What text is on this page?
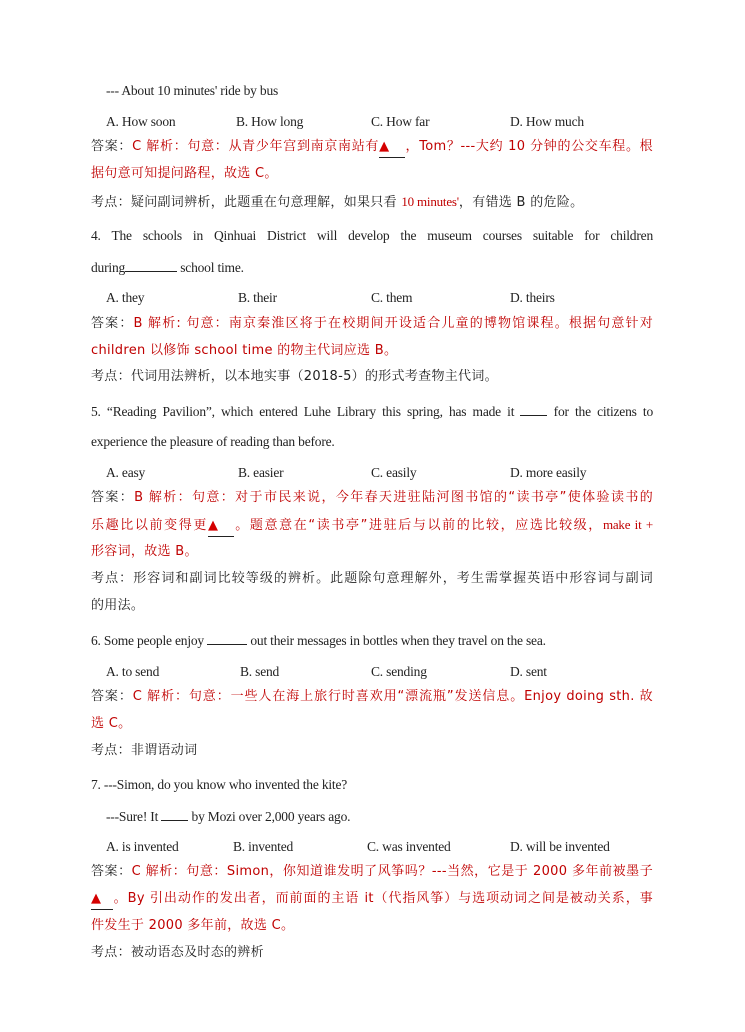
--- About 10 minutes' ride by bus
A. How soon	B. How long	C. How far	D. How much
答案：C 解析：句意：从青少年宫到南京南站有▲ ，Tom？---大约 10 分钟的公交车程。根
据句意可知提问路程，故选 C。
考点：疑问副词辨析，此题重在句意理解，如果只看 10 minutes'，有错选 B 的危险。
4. The schools in Qinhuai District will develop the museum courses suitable for children
during	school time.
A. they	B. their	C. them	D. theirs
答案：B 解析: 句意：南京秦淮区将于在校期间开设适合儿童的博物馆课程。根据句意针对
children 以修饰 school time 的物主代词应选 B。
考点：代词用法辨析，以本地实事（2018-5）的形式考查物主代词。
5. “Reading Pavilion”, which entered Luhe Library this spring, has made it  for the citizens to
experience the pleasure of reading than before.
A. easy	B. easier	C. easily	D. more easily
答案：B 解析：句意：对于市民来说，今年春天进驻陆河图书馆的“读书亭”使体验读书的
乐趣比以前变得更▲ 。题意意在“读书亭”进驻后与以前的比较，应选比较级，make it +
形容词，故选 B。
考点：形容词和副词比较等级的辨析。此题除句意理解外，考生需掌握英语中形容词与副词
的用法。
6. Some people enjoy	out their messages in bottles when they travel on the sea.
A. to send	B. send	C. sending	D. sent
答案：C 解析：句意：一些人在海上旅行时喜欢用“漂流瓶”发送信息。Enjoy doing sth. 故
选 C。
考点：非谓语动词
7. ---Simon, do you know who invented the kite?
---Sure! It  by Mozi over 2,000 years ago.
A. is invented	B. invented	C. was invented	D. will be invented
答案：C 解析：句意：Simon，你知道谁发明了风筝吗？---当然，它是于 2000 多年前被墨子
▲ 。By 引出动作的发出者，而前面的主语 it（代指风筝）与选项动词之间是被动关系，事
件发生于 2000 多年前，故选 C。
考点：被动语态及时态的辨析
